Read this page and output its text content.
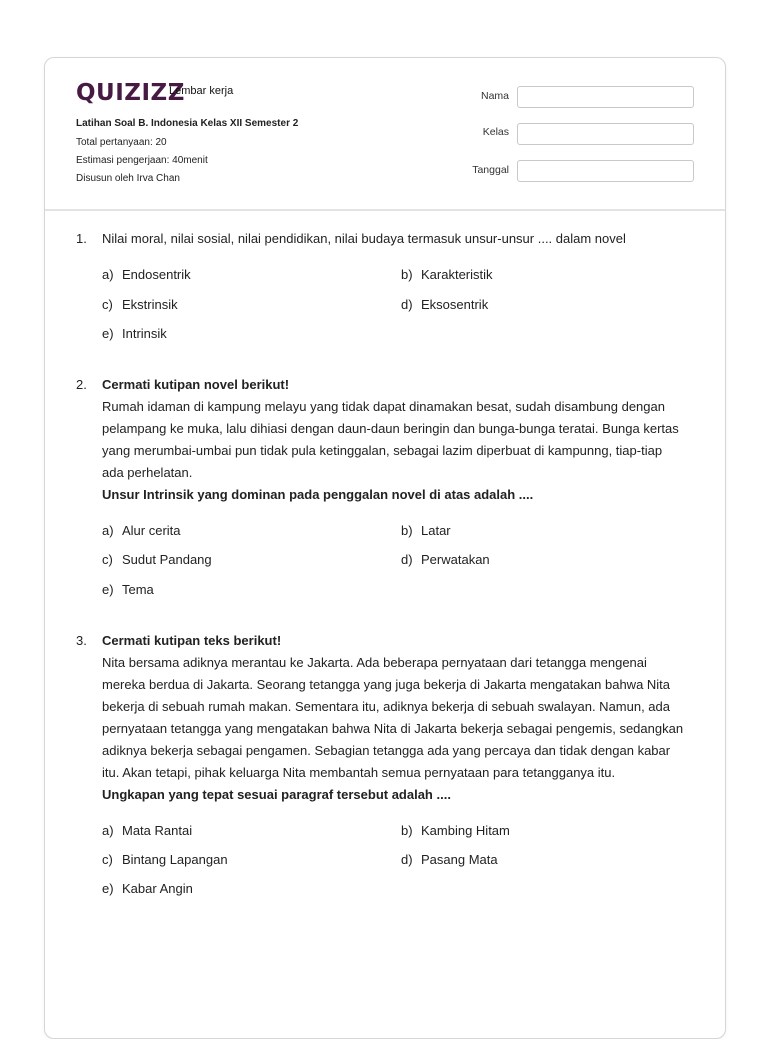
QUIZIZZ
Lembar kerja
Latihan Soal B. Indonesia Kelas XII Semester 2
Total pertanyaan: 20
Estimasi pengerjaan: 40menit
Disusun oleh Irva Chan
Nama
Kelas
Tanggal
1. Nilai moral, nilai sosial, nilai pendidikan, nilai budaya termasuk unsur-unsur .... dalam novel
a) Endosentrik	b) Karakteristik
c) Ekstrinsik	d) Eksosentrik
e) Intrinsik
2. Cermati kutipan novel berikut!
Rumah idaman di kampung melayu yang tidak dapat dinamakan besat, sudah disambung dengan
pelampang ke muka, lalu dihiasi dengan daun-daun beringin dan bunga-bunga teratai. Bunga kertas
yang merumbai-umbai pun tidak pula ketinggalan, sebagai lazim diperbuat di kampunng, tiap-tiap
ada perhelatan.
Unsur Intrinsik yang dominan pada penggalan novel di atas adalah ....
a) Alur cerita	b) Latar
c) Sudut Pandang	d) Perwatakan
e) Tema
3. Cermati kutipan teks berikut!
Nita bersama adiknya merantau ke Jakarta. Ada beberapa pernyataan dari tetangga mengenai
mereka berdua di Jakarta. Seorang tetangga yang juga bekerja di Jakarta mengatakan bahwa Nita
bekerja di sebuah rumah makan. Sementara itu, adiknya bekerja di sebuah swalayan. Namun, ada
pernyataan tetangga yang mengatakan bahwa Nita di Jakarta bekerja sebagai pengemis, sedangkan
adiknya bekerja sebagai pengamen. Sebagian tetangga ada yang percaya dan tidak dengan kabar
itu. Akan tetapi, pihak keluarga Nita membantah semua pernyataan para tetangganya itu.
Ungkapan yang tepat sesuai paragraf tersebut adalah ....
a) Mata Rantai	b) Kambing Hitam
c) Bintang Lapangan	d) Pasang Mata
e) Kabar Angin
